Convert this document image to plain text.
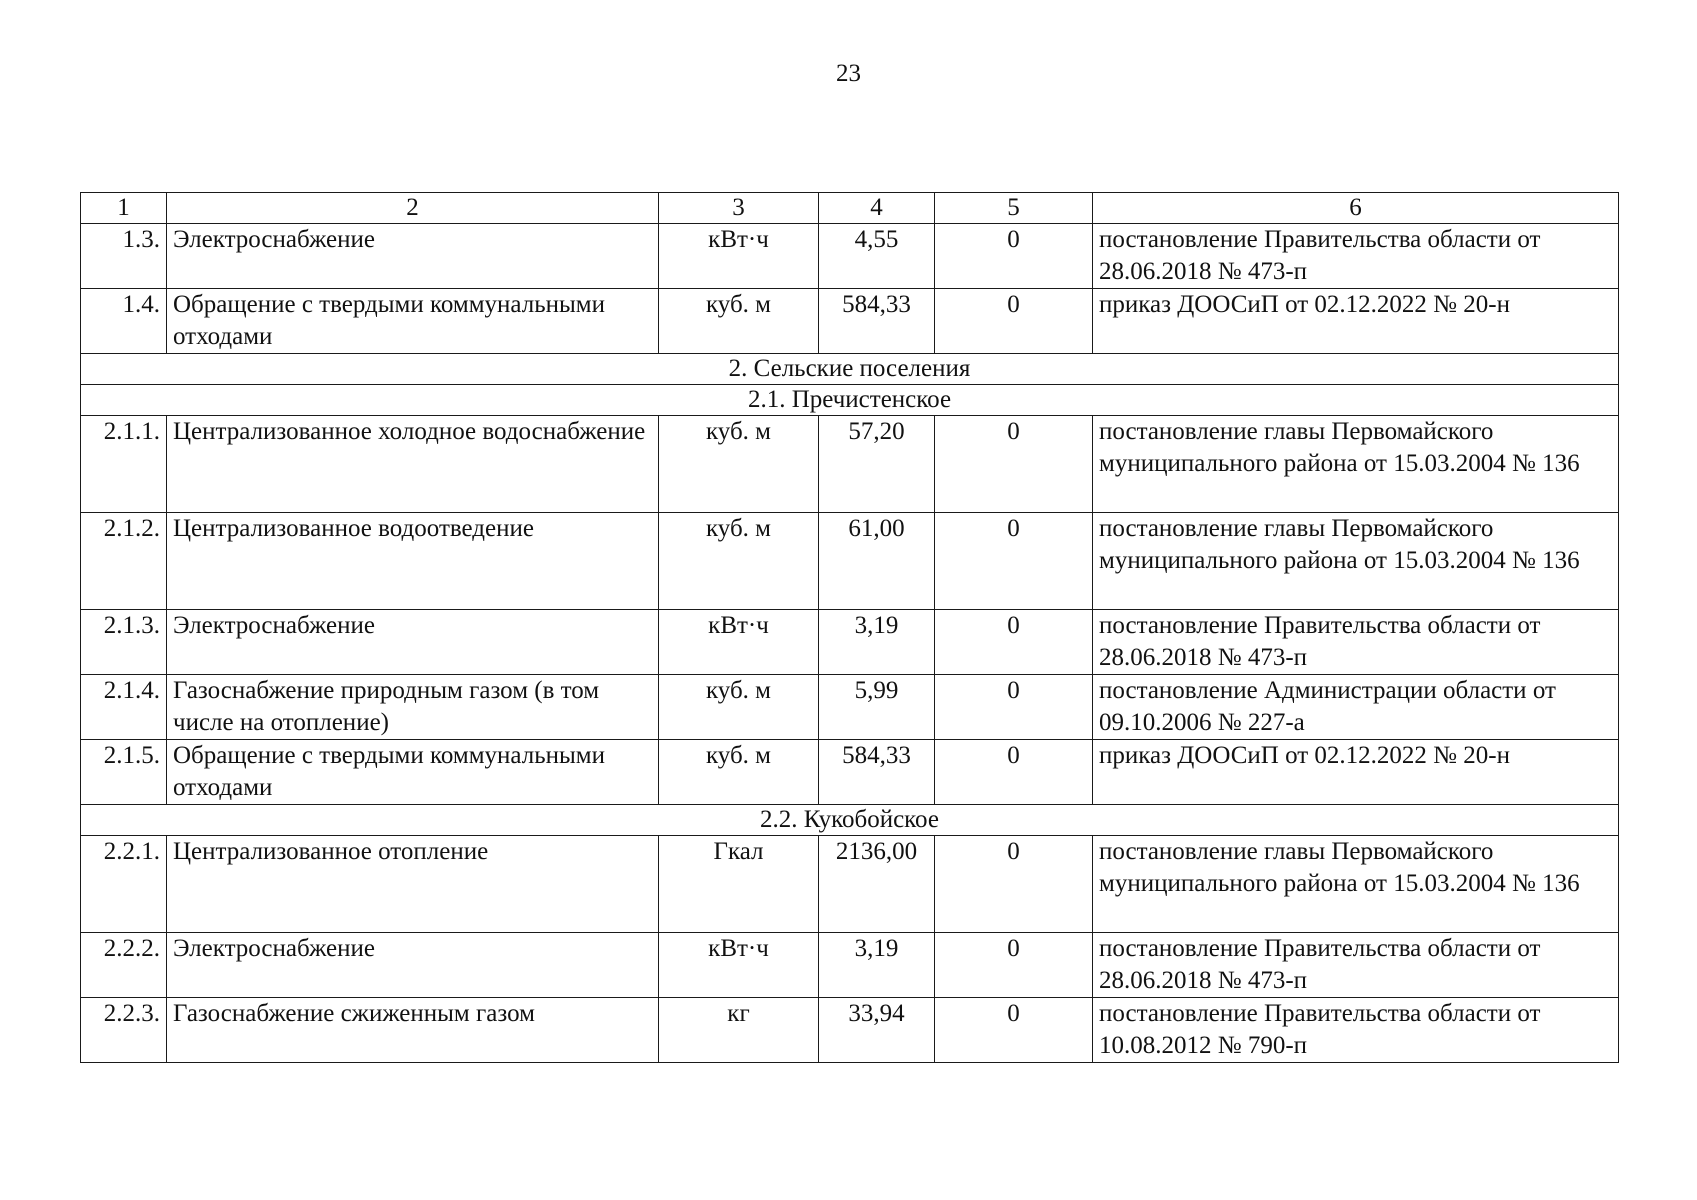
23
1	2	3	4	5	6
1.3.	Электроснабжение	кВт·ч	4,55	0	постановление Правительства области от 28.06.2018 № 473-п
1.4.	Обращение с твердыми коммунальными отходами	куб. м	584,33	0	приказ ДООСиП от 02.12.2022 № 20-н
2. Сельские поселения					
2.1. Пречистенское					
2.1.1.	Централизованное холодное водоснабжение	куб. м	57,20	0	постановление главы Первомайского муниципального района от 15.03.2004 № 136
2.1.2.	Централизованное водоотведение	куб. м	61,00	0	постановление главы Первомайского муниципального района от 15.03.2004 № 136
2.1.3.	Электроснабжение	кВт·ч	3,19	0	постановление Правительства области от 28.06.2018 № 473-п
2.1.4.	Газоснабжение природным газом (в том числе на отопление)	куб. м	5,99	0	постановление Администрации области от 09.10.2006 № 227-а
2.1.5.	Обращение с твердыми коммунальными отходами	куб. м	584,33	0	приказ ДООСиП от 02.12.2022 № 20-н
2.2. Кукобойское					
2.2.1.	Централизованное отопление	Гкал	2136,00	0	постановление главы Первомайского муниципального района от 15.03.2004 № 136
2.2.2.	Электроснабжение	кВт·ч	3,19	0	постановление Правительства области от 28.06.2018 № 473-п
2.2.3.	Газоснабжение сжиженным газом	кг	33,94	0	постановление Правительства области от 10.08.2012 № 790-п
